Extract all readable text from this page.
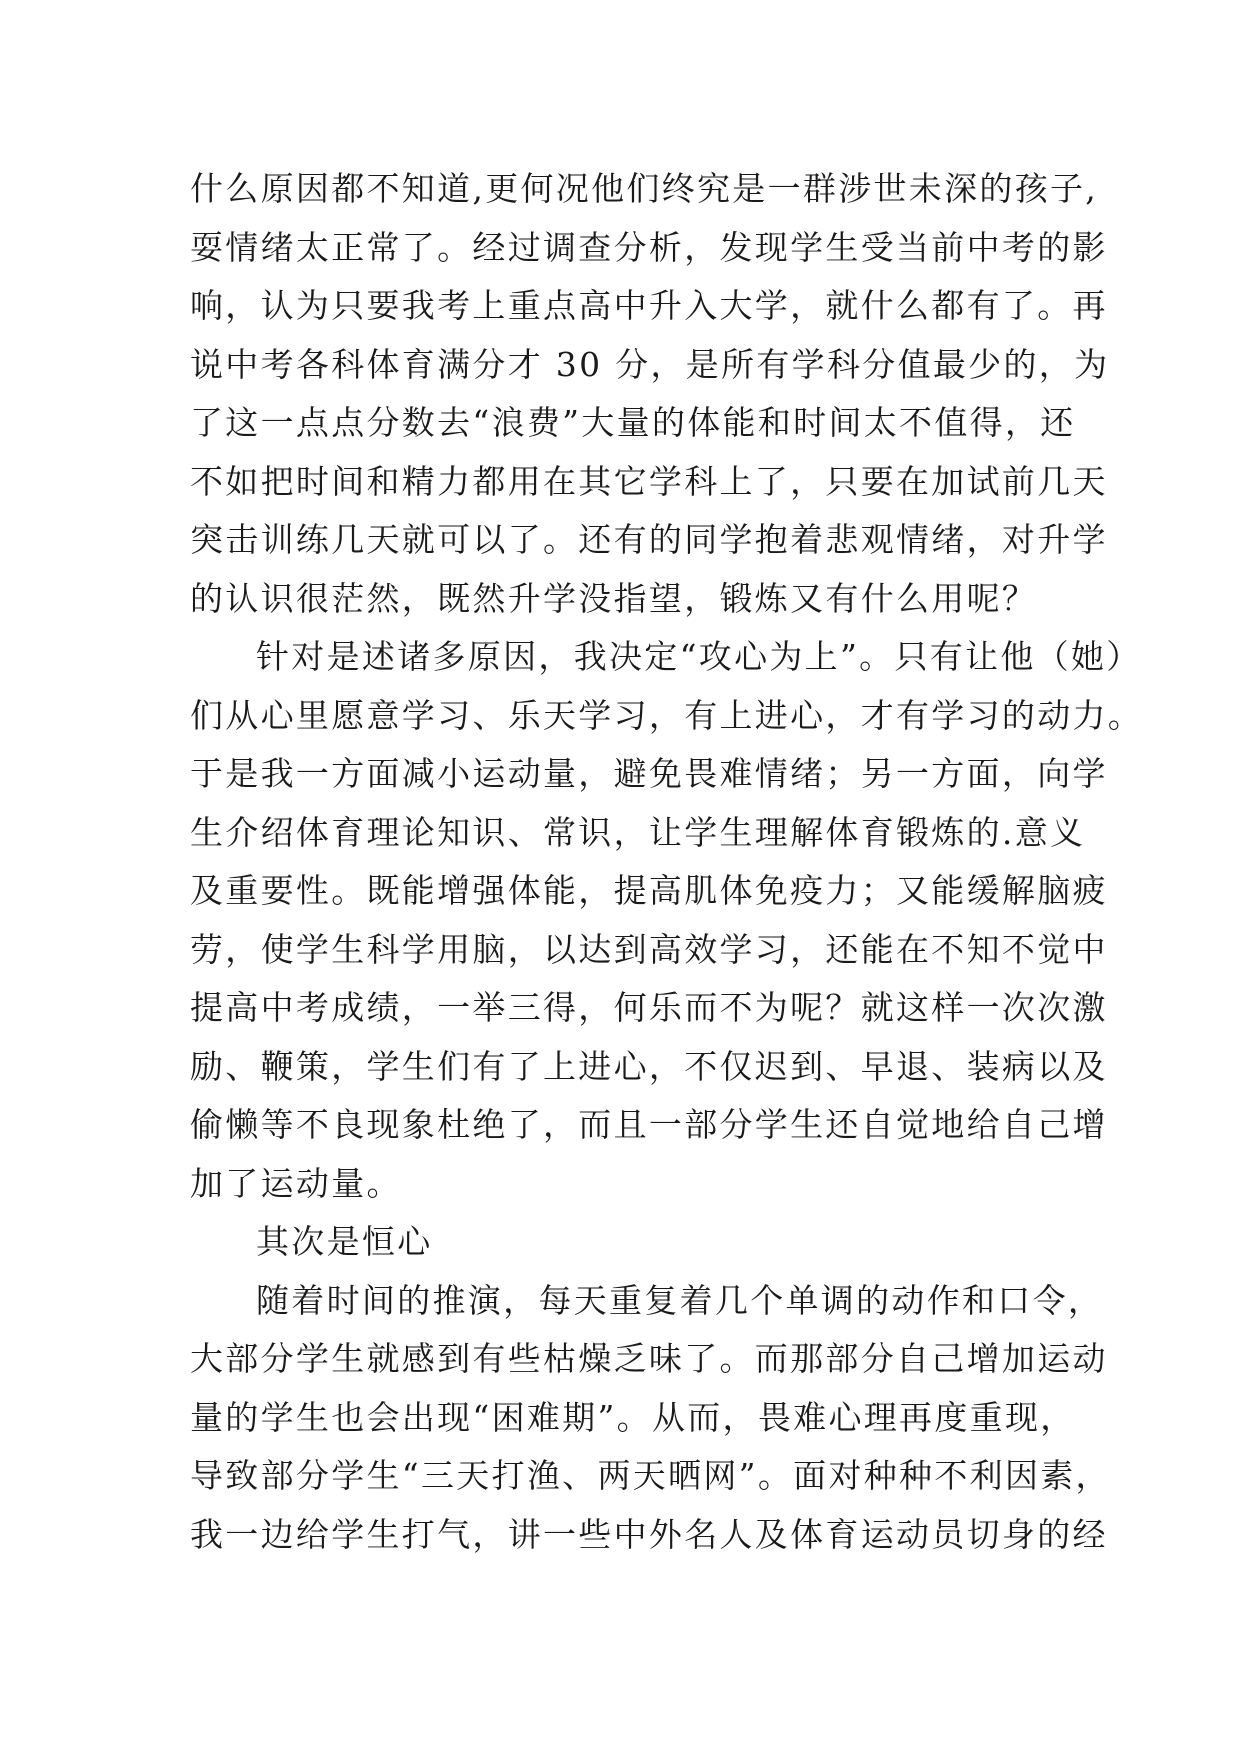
什么原因都不知道,更何况他们终究是一群涉世未深的孩子,
耍情绪太正常了。经过调查分析，发现学生受当前中考的影
响，认为只要我考上重点高中升入大学，就什么都有了。再
说中考各科体育满分才 30 分，是所有学科分值最少的，为
了这一点点分数去“浪费”大量的体能和时间太不值得，还
不如把时间和精力都用在其它学科上了，只要在加试前几天
突击训练几天就可以了。还有的同学抱着悲观情绪，对升学
的认识很茫然，既然升学没指望，锻炼又有什么用呢？
针对是述诸多原因，我决定“攻心为上”。只有让他（她）
们从心里愿意学习、乐天学习，有上进心，才有学习的动力。
于是我一方面减小运动量，避免畏难情绪；另一方面，向学
生介绍体育理论知识、常识，让学生理解体育锻炼的.意义
及重要性。既能增强体能，提高肌体免疫力；又能缓解脑疲
劳，使学生科学用脑，以达到高效学习，还能在不知不觉中
提高中考成绩，一举三得，何乐而不为呢？就这样一次次激
励、鞭策，学生们有了上进心，不仅迟到、早退、装病以及
偷懒等不良现象杜绝了，而且一部分学生还自觉地给自己增
加了运动量。
其次是恒心
随着时间的推演，每天重复着几个单调的动作和口令，
大部分学生就感到有些枯燥乏味了。而那部分自己增加运动
量的学生也会出现“困难期”。从而，畏难心理再度重现，
导致部分学生“三天打渔、两天晒网”。面对种种不利因素，
我一边给学生打气，讲一些中外名人及体育运动员切身的经
